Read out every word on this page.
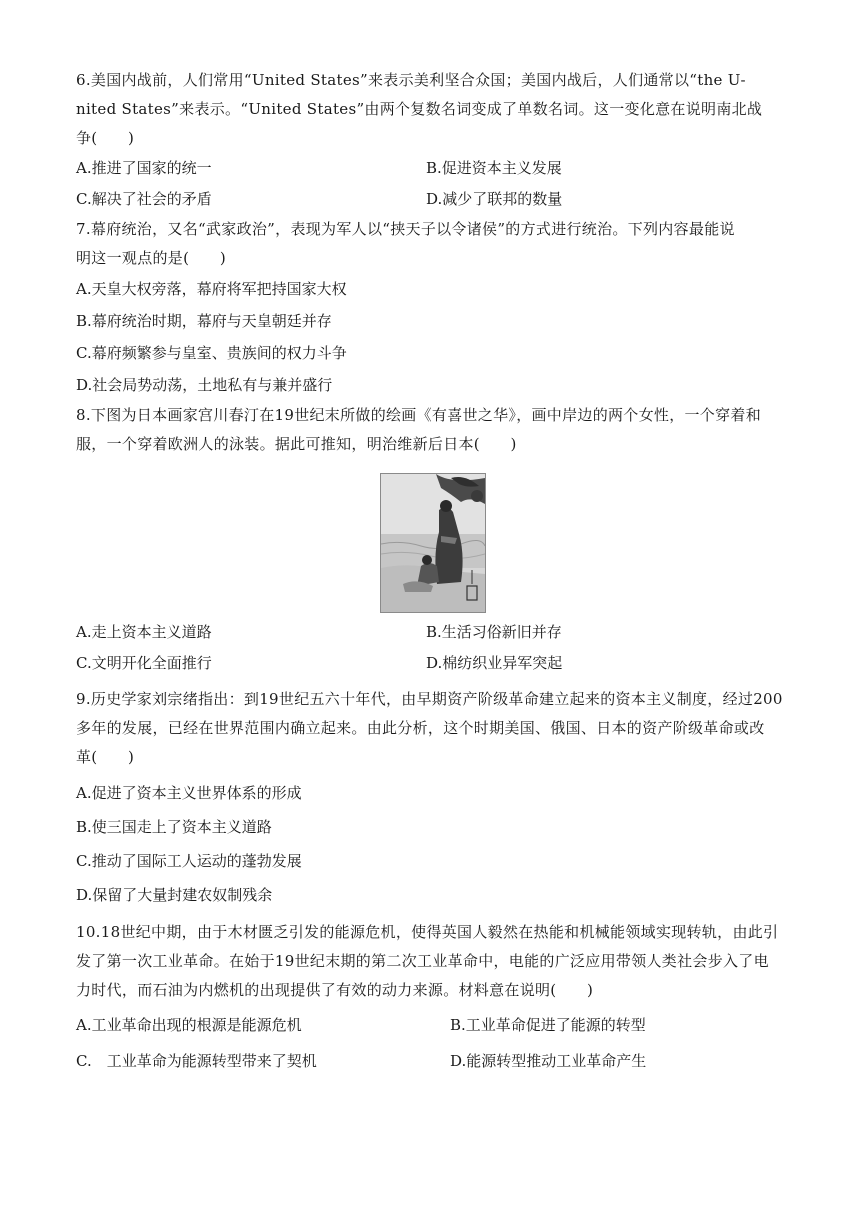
6.美国内战前，人们常用“United States”来表示美利坚合众国；美国内战后，人们通常以“the U-
nited States”来表示。“United States”由两个复数名词变成了单数名词。这一变化意在说明南北战
争(　　)
A.推进了国家的统一	B.促进资本主义发展
C.解决了社会的矛盾	D.减少了联邦的数量
7.幕府统治，又名“武家政治”，表现为军人以“挟天子以令诸侯”的方式进行统治。下列内容最能说
明这一观点的是(　　)
A.天皇大权旁落，幕府将军把持国家大权
B.幕府统治时期，幕府与天皇朝廷并存
C.幕府频繁参与皇室、贵族间的权力斗争
D.社会局势动荡，土地私有与兼并盛行
8.下图为日本画家宫川春汀在19世纪末所做的绘画《有喜世之华》，画中岸边的两个女性，一个穿着和
服，一个穿着欧洲人的泳装。据此可推知，明治维新后日本(　　)
A.走上资本主义道路	B.生活习俗新旧并存
C.文明开化全面推行	D.棉纺织业异军突起
9.历史学家刘宗绪指出：到19世纪五六十年代，由早期资产阶级革命建立起来的资本主义制度，经过200
多年的发展，已经在世界范围内确立起来。由此分析，这个时期美国、俄国、日本的资产阶级革命或改
革(　　)
A.促进了资本主义世界体系的形成
B.使三国走上了资本主义道路
C.推动了国际工人运动的蓬勃发展
D.保留了大量封建农奴制残余
10.18世纪中期，由于木材匮乏引发的能源危机，使得英国人毅然在热能和机械能领域实现转轨，由此引
发了第一次工业革命。在始于19世纪末期的第二次工业革命中，电能的广泛应用带领人类社会步入了电
力时代，而石油为内燃机的出现提供了有效的动力来源。材料意在说明(　　)
A.工业革命出现的根源是能源危机	B.工业革命促进了能源的转型
C.　工业革命为能源转型带来了契机	D.能源转型推动工业革命产生
